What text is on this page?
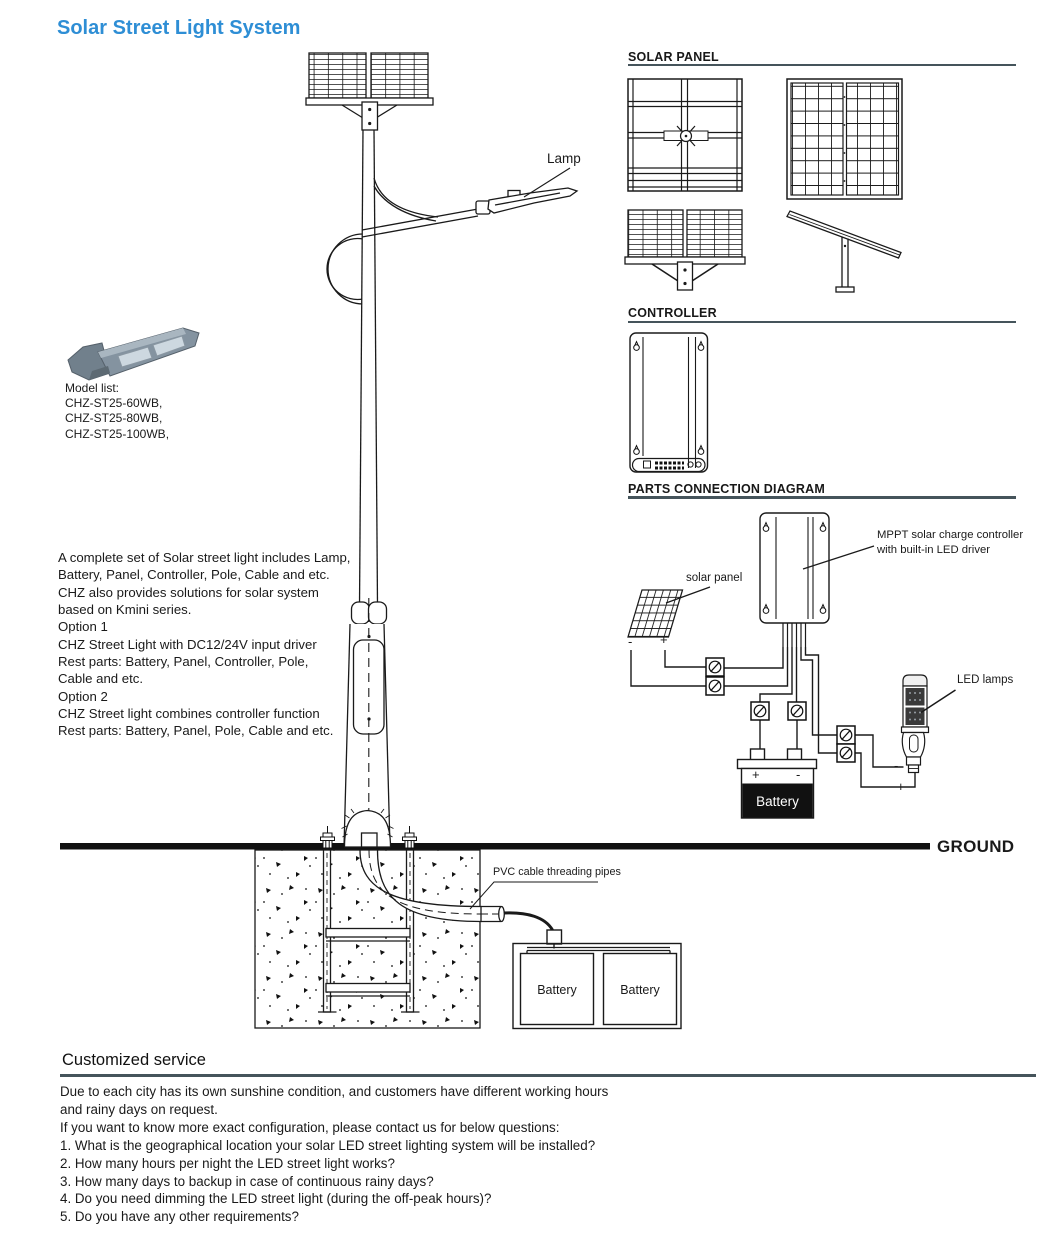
Solar Street Light System
SOLAR PANEL
CONTROLLER
PARTS CONNECTION DIAGRAM
Lamp
Model list:
CHZ-ST25-60WB,
CHZ-ST25-80WB,
CHZ-ST25-100WB,
A complete set of Solar street light includes Lamp,
Battery, Panel, Controller, Pole, Cable and etc.
CHZ also provides solutions for solar system
based on Kmini series.
Option 1
CHZ Street Light with DC12/24V input driver
Rest parts: Battery, Panel, Controller, Pole,
Cable and etc.
Option 2
CHZ Street light combines controller function
Rest parts: Battery, Panel, Pole, Cable and etc.
solar panel
MPPT solar charge controller
with built-in LED driver
LED lamps
- +
+	-
-
+
Battery
GROUND
PVC cable threading pipes
Battery	Battery
Customized service
Due to each city has its own sunshine condition, and customers have different working hours
and rainy days on request.
If you want to know more exact configuration, please contact us for below questions:
1. What is the geographical location your solar LED street lighting system will be installed?
2. How many hours per night the LED street light works?
3. How many days to backup in case of continuous rainy days?
4. Do you need dimming the LED street light (during the off-peak hours)?
5. Do you have any other requirements?
